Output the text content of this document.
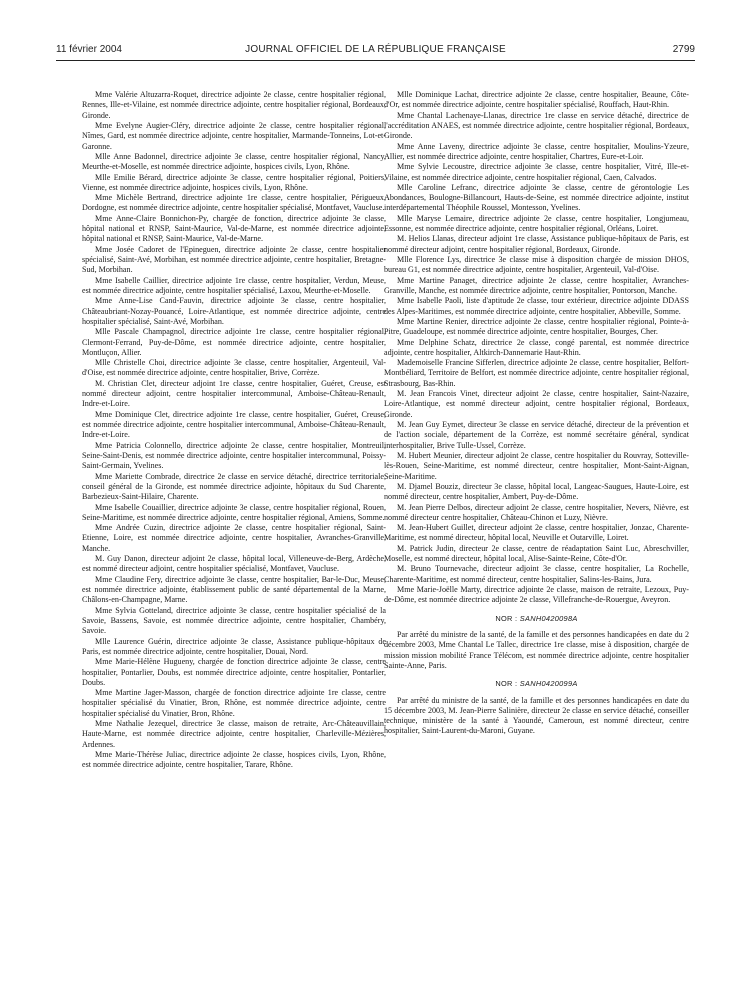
11 février 2004	JOURNAL OFFICIEL DE LA RÉPUBLIQUE FRANÇAISE	2799

Mme Valérie Altuzarra-Roquet, directrice adjointe 2e classe, centre hospitalier régional, Rennes, Ille-et-Vilaine, est nommée directrice adjointe, centre hospitalier régional, Bordeaux, Gironde.

Mme Evelyne Augier-Cléry, directrice adjointe 2e classe, centre hospitalier régional, Nîmes, Gard, est nommée directrice adjointe, centre hospitalier, Marmande-Tonneins, Lot-et-Garonne.

Mlle Anne Badonnel, directrice adjointe 3e classe, centre hospitalier régional, Nancy, Meurthe-et-Moselle, est nommée directrice adjointe, hospices civils, Lyon, Rhône.

Mlle Emilie Bérard, directrice adjointe 3e classe, centre hospitalier régional, Poitiers, Vienne, est nommée directrice adjointe, hospices civils, Lyon, Rhône.

Mme Michèle Bertrand, directrice adjointe 1re classe, centre hospitalier, Périgueux, Dordogne, est nommée directrice adjointe, centre hospitalier spécialisé, Montfavet, Vaucluse.

Mme Anne-Claire Bonnichon-Py, chargée de fonction, directrice adjointe 3e classe, hôpital national et RNSP, Saint-Maurice, Val-de-Marne, est nommée directrice adjointe, hôpital national et RNSP, Saint-Maurice, Val-de-Marne.

Mme Josée Cadoret de l'Epineguen, directrice adjointe 2e classe, centre hospitalier spécialisé, Saint-Avé, Morbihan, est nommée directrice adjointe, centre hospitalier, Bretagne-Sud, Morbihan.

Mme Isabelle Caillier, directrice adjointe 1re classe, centre hospitalier, Verdun, Meuse, est nommée directrice adjointe, centre hospitalier spécialisé, Laxou, Meurthe-et-Moselle.

Mme Anne-Lise Cand-Fauvin, directrice adjointe 3e classe, centre hospitalier, Châteaubriant-Nozay-Pouancé, Loire-Atlantique, est nommée directrice adjointe, centre hospitalier spécialisé, Saint-Avé, Morbihan.

Mlle Pascale Champagnol, directrice adjointe 1re classe, centre hospitalier régional, Clermont-Ferrand, Puy-de-Dôme, est nommée directrice adjointe, centre hospitalier, Montluçon, Allier.

Mlle Christelle Choi, directrice adjointe 3e classe, centre hospitalier, Argenteuil, Val-d'Oise, est nommée directrice adjointe, centre hospitalier, Brive, Corrèze.

M. Christian Clet, directeur adjoint 1re classe, centre hospitalier, Guéret, Creuse, est nommé directeur adjoint, centre hospitalier intercommunal, Amboise-Château-Renault, Indre-et-Loire.

Mme Dominique Clet, directrice adjointe 1re classe, centre hospitalier, Guéret, Creuse, est nommée directrice adjointe, centre hospitalier intercommunal, Amboise-Château-Renault, Indre-et-Loire.

Mme Patricia Colonnello, directrice adjointe 2e classe, centre hospitalier, Montreuil, Seine-Saint-Denis, est nommée directrice adjointe, centre hospitalier intercommunal, Poissy-Saint-Germain, Yvelines.

Mme Mariette Combrade, directrice 2e classe en service détaché, directrice territoriale, conseil général de la Gironde, est nommée directrice adjointe, hôpitaux du Sud Charente, Barbezieux-Saint-Hilaire, Charente.

Mme Isabelle Couaillier, directrice adjointe 3e classe, centre hospitalier régional, Rouen, Seine-Maritime, est nommée directrice adjointe, centre hospitalier régional, Amiens, Somme.

Mme Andrée Cuzin, directrice adjointe 2e classe, centre hospitalier régional, Saint-Etienne, Loire, est nommée directrice adjointe, centre hospitalier, Avranches-Granville, Manche.

M. Guy Danon, directeur adjoint 2e classe, hôpital local, Villeneuve-de-Berg, Ardèche, est nommé directeur adjoint, centre hospitalier spécialisé, Montfavet, Vaucluse.

Mme Claudine Fery, directrice adjointe 3e classe, centre hospitalier, Bar-le-Duc, Meuse, est nommée directrice adjointe, établissement public de santé départemental de la Marne, Châlons-en-Champagne, Marne.

Mme Sylvia Gotteland, directrice adjointe 3e classe, centre hospitalier spécialisé de la Savoie, Bassens, Savoie, est nommée directrice adjointe, centre hospitalier, Chambéry, Savoie.

Mlle Laurence Guérin, directrice adjointe 3e classe, Assistance publique-hôpitaux de Paris, est nommée directrice adjointe, centre hospitalier, Douai, Nord.

Mme Marie-Hélène Hugueny, chargée de fonction directrice adjointe 3e classe, centre hospitalier, Pontarlier, Doubs, est nommée directrice adjointe, centre hospitalier, Pontarlier, Doubs.

Mme Martine Jager-Masson, chargée de fonction directrice adjointe 1re classe, centre hospitalier spécialisé du Vinatier, Bron, Rhône, est nommée directrice adjointe, centre hospitalier spécialisé du Vinatier, Bron, Rhône.

Mme Nathalie Jezequel, directrice 3e classe, maison de retraite, Arc-Châteauvillain, Haute-Marne, est nommée directrice adjointe, centre hospitalier, Charleville-Mézières, Ardennes.

Mme Marie-Thérèse Juliac, directrice adjointe 2e classe, hospices civils, Lyon, Rhône, est nommée directrice adjointe, centre hospitalier, Tarare, Rhône.

Mlle Dominique Lachat, directrice adjointe 2e classe, centre hospitalier, Beaune, Côte-d'Or, est nommée directrice adjointe, centre hospitalier spécialisé, Rouffach, Haut-Rhin.

Mme Chantal Lachenaye-Llanas, directrice 1re classe en service détaché, directrice de l'accréditation ANAES, est nommée directrice adjointe, centre hospitalier régional, Bordeaux, Gironde.

Mme Anne Laveny, directrice adjointe 3e classe, centre hospitalier, Moulins-Yzeure, Allier, est nommée directrice adjointe, centre hospitalier, Chartres, Eure-et-Loir.

Mme Sylvie Lecoustre, directrice adjointe 3e classe, centre hospitalier, Vitré, Ille-et-Vilaine, est nommée directrice adjointe, centre hospitalier régional, Caen, Calvados.

Mlle Caroline Lefranc, directrice adjointe 3e classe, centre de gérontologie Les Abondances, Boulogne-Billancourt, Hauts-de-Seine, est nommée directrice adjointe, institut interdépartemental Théophile Roussel, Montesson, Yvelines.

Mlle Maryse Lemaire, directrice adjointe 2e classe, centre hospitalier, Longjumeau, Essonne, est nommée directrice adjointe, centre hospitalier régional, Orléans, Loiret.

M. Helios Llanas, directeur adjoint 1re classe, Assistance publique-hôpitaux de Paris, est nommé directeur adjoint, centre hospitalier régional, Bordeaux, Gironde.

Mlle Florence Lys, directrice 3e classe mise à disposition chargée de mission DHOS, bureau G1, est nommée directrice adjointe, centre hospitalier, Argenteuil, Val-d'Oise.

Mme Martine Panaget, directrice adjointe 2e classe, centre hospitalier, Avranches-Granville, Manche, est nommée directrice adjointe, centre hospitalier, Pontorson, Manche.

Mme Isabelle Paoli, liste d'aptitude 2e classe, tour extérieur, directrice adjointe DDASS des Alpes-Maritimes, est nommée directrice adjointe, centre hospitalier, Abbeville, Somme.

Mme Martine Renier, directrice adjointe 2e classe, centre hospitalier régional, Pointe-à-Pitre, Guadeloupe, est nommée directrice adjointe, centre hospitalier, Bourges, Cher.

Mme Delphine Schatz, directrice 2e classe, congé parental, est nommée directrice adjointe, centre hospitalier, Altkirch-Dannemarie Haut-Rhin.

Mademoiselle Francine Sifferlen, directrice adjointe 2e classe, centre hospitalier, Belfort-Montbéliard, Territoire de Belfort, est nommée directrice adjointe, centre hospitalier régional, Strasbourg, Bas-Rhin.

M. Jean Francois Vinet, directeur adjoint 2e classe, centre hospitalier, Saint-Nazaire, Loire-Atlantique, est nommé directeur adjoint, centre hospitalier régional, Bordeaux, Gironde.

M. Jean Guy Eymet, directeur 3e classe en service détaché, directeur de la prévention et de l'action sociale, département de la Corrèze, est nommé secrétaire général, syndicat interhospitalier, Brive Tulle-Ussel, Corrèze.

M. Hubert Meunier, directeur adjoint 2e classe, centre hospitalier du Rouvray, Sotteville-lès-Rouen, Seine-Maritime, est nommé directeur, centre hospitalier, Mont-Saint-Aignan, Seine-Maritime.

M. Djamel Bouziz, directeur 3e classe, hôpital local, Langeac-Saugues, Haute-Loire, est nommé directeur, centre hospitalier, Ambert, Puy-de-Dôme.

M. Jean Pierre Delbos, directeur adjoint 2e classe, centre hospitalier, Nevers, Nièvre, est nommé directeur centre hospitalier, Château-Chinon et Luzy, Nièvre.

M. Jean-Hubert Guillet, directeur adjoint 2e classe, centre hospitalier, Jonzac, Charente-Maritime, est nommé directeur, hôpital local, Neuville et Outarville, Loiret.

M. Patrick Judin, directeur 2e classe, centre de réadaptation Saint Luc, Abreschviller, Moselle, est nommé directeur, hôpital local, Alise-Sainte-Reine, Côte-d'Or.

M. Bruno Tournevache, directeur adjoint 3e classe, centre hospitalier, La Rochelle, Charente-Maritime, est nommé directeur, centre hospitalier, Salins-les-Bains, Jura.

Mme Marie-Joëlle Marty, directrice adjointe 2e classe, maison de retraite, Lezoux, Puy-de-Dôme, est nommée directrice adjointe 2e classe, Villefranche-de-Rouergue, Aveyron.

NOR : SANH0420098A

Par arrêté du ministre de la santé, de la famille et des personnes handicapées en date du 2 décembre 2003, Mme Chantal Le Tallec, directrice 1re classe, mise à disposition, chargée de mission mission mobilité France Télécom, est nommée directrice adjointe, centre hospitalier Sainte-Anne, Paris.

NOR : SANH0420099A

Par arrêté du ministre de la santé, de la famille et des personnes handicapées en date du 15 décembre 2003, M. Jean-Pierre Salinière, directeur 2e classe en service détaché, conseiller technique, ministère de la santé à Yaoundé, Cameroun, est nommé directeur, centre hospitalier, Saint-Laurent-du-Maroni, Guyane.
